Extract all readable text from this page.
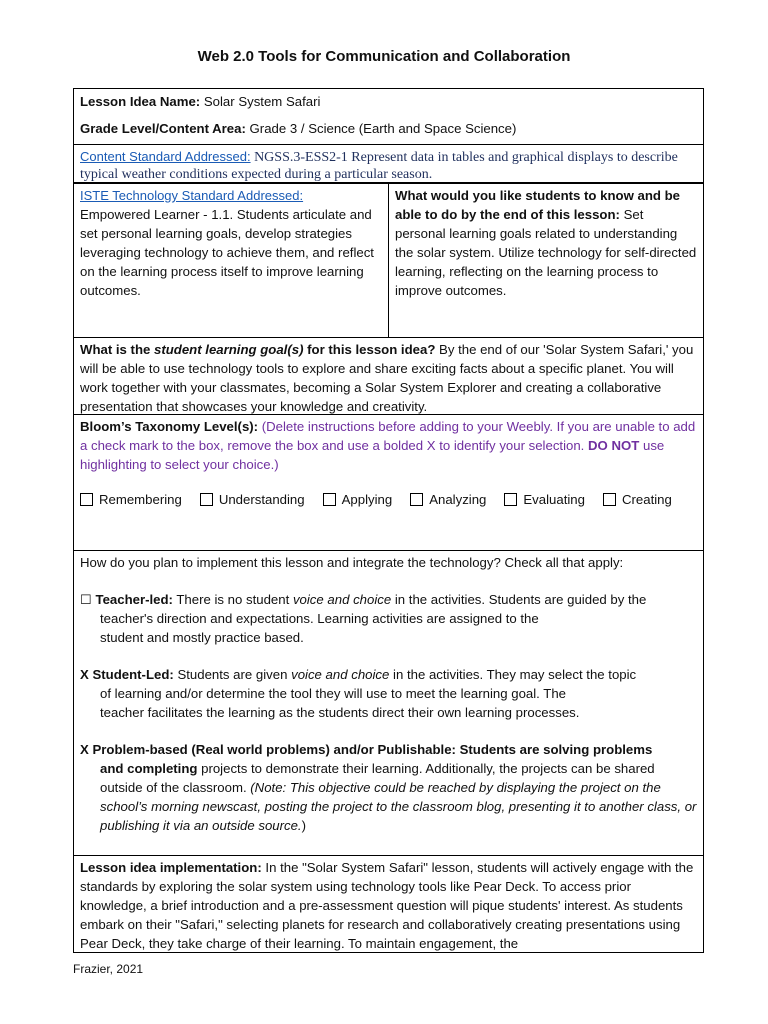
Web 2.0 Tools for Communication and Collaboration
Lesson Idea Name: Solar System Safari
Grade Level/Content Area: Grade 3 / Science (Earth and Space Science)
Content Standard Addressed: NGSS.3-ESS2-1 Represent data in tables and graphical displays to describe typical weather conditions expected during a particular season.
ISTE Technology Standard Addressed:
Empowered Learner - 1.1. Students articulate and set personal learning goals, develop strategies leveraging technology to achieve them, and reflect on the learning process itself to improve learning outcomes.
What would you like students to know and be able to do by the end of this lesson: Set personal learning goals related to understanding the solar system. Utilize technology for self-directed learning, reflecting on the learning process to improve outcomes.
What is the student learning goal(s) for this lesson idea? By the end of our 'Solar System Safari,' you will be able to use technology tools to explore and share exciting facts about a specific planet. You will work together with your classmates, becoming a Solar System Explorer and creating a collaborative presentation that showcases your knowledge and creativity.
Bloom’s Taxonomy Level(s): (Delete instructions before adding to your Weebly. If you are unable to add a check mark to the box, remove the box and use a bolded X to identify your selection. DO NOT use highlighting to select your choice.)
Remembering	Understanding	Applying	Analyzing	Evaluating	Creating

How do you plan to implement this lesson and integrate the technology? Check all that apply:

☐ Teacher-led: There is no student voice and choice in the activities. Students are guided by the

teacher's direction and expectations. Learning activities are assigned to the

student and mostly practice based.

X Student-Led: Students are given voice and choice in the activities. They may select the topic

of learning and/or determine the tool they will use to meet the learning goal. The

teacher facilitates the learning as the students direct their own learning processes.

X Problem-based (Real world problems) and/or Publishable: Students are solving problems

and completing projects to demonstrate their learning. Additionally, the projects can be shared outside of the classroom. (Note: This objective could be reached by displaying the project on the school’s morning newscast, posting the project to the classroom blog, presenting it to another class, or publishing it via an outside source.)

Lesson idea implementation: In the "Solar System Safari" lesson, students will actively engage with the standards by exploring the solar system using technology tools like Pear Deck. To access prior knowledge, a brief introduction and a pre-assessment question will pique students' interest. As students embark on their "Safari," selecting planets for research and collaboratively creating presentations using Pear Deck, they take charge of their learning. To maintain engagement, the
Frazier, 2021
